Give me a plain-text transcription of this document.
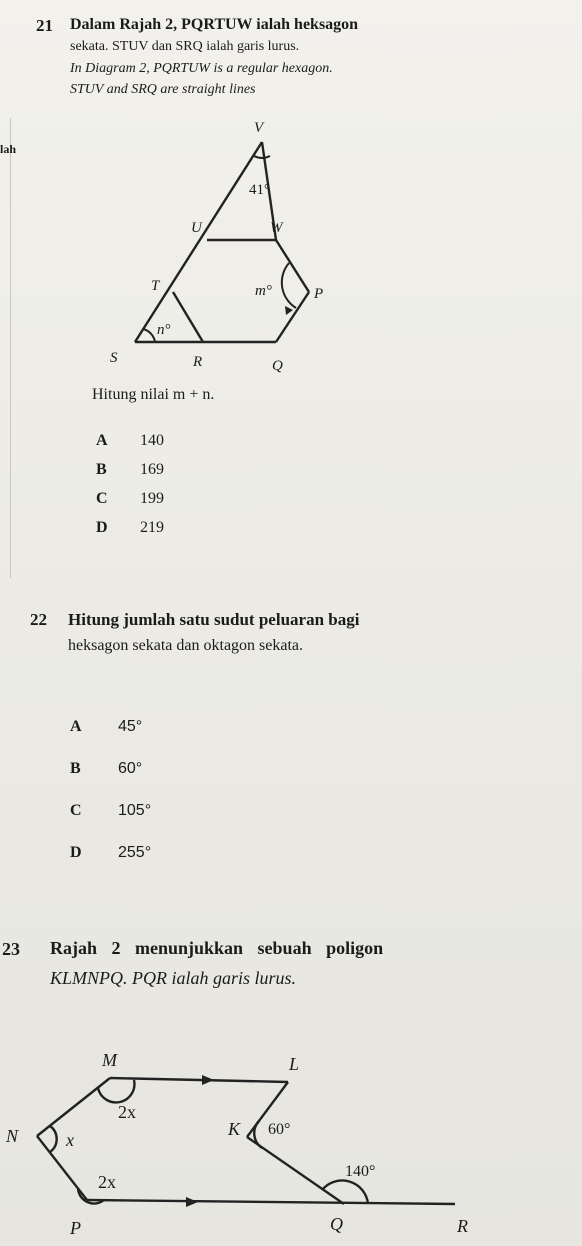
lah
21 Dalam Rajah 2, PQRTUW ialah heksagon
sekata. STUV dan SRQ ialah garis lurus.
In Diagram 2, PQRTUW is a regular hexagon.
STUV and SRQ are straight lines
V
U	W
T	P
S	R	Q
41°
m°
n°
Hitung nilai m + n.
A 140
B 169
C 199
D 219
22 Hitung jumlah satu sudut peluaran bagi
heksagon sekata dan oktagon sekata.
A 45°
B 60°
C 105°
D 255°
23 Rajah 2 menunjukkan sebuah poligon
KLMNPQ. PQR ialah garis lurus.
M	L
N	K
P	Q	R
2x
x
2x
60°
140°
